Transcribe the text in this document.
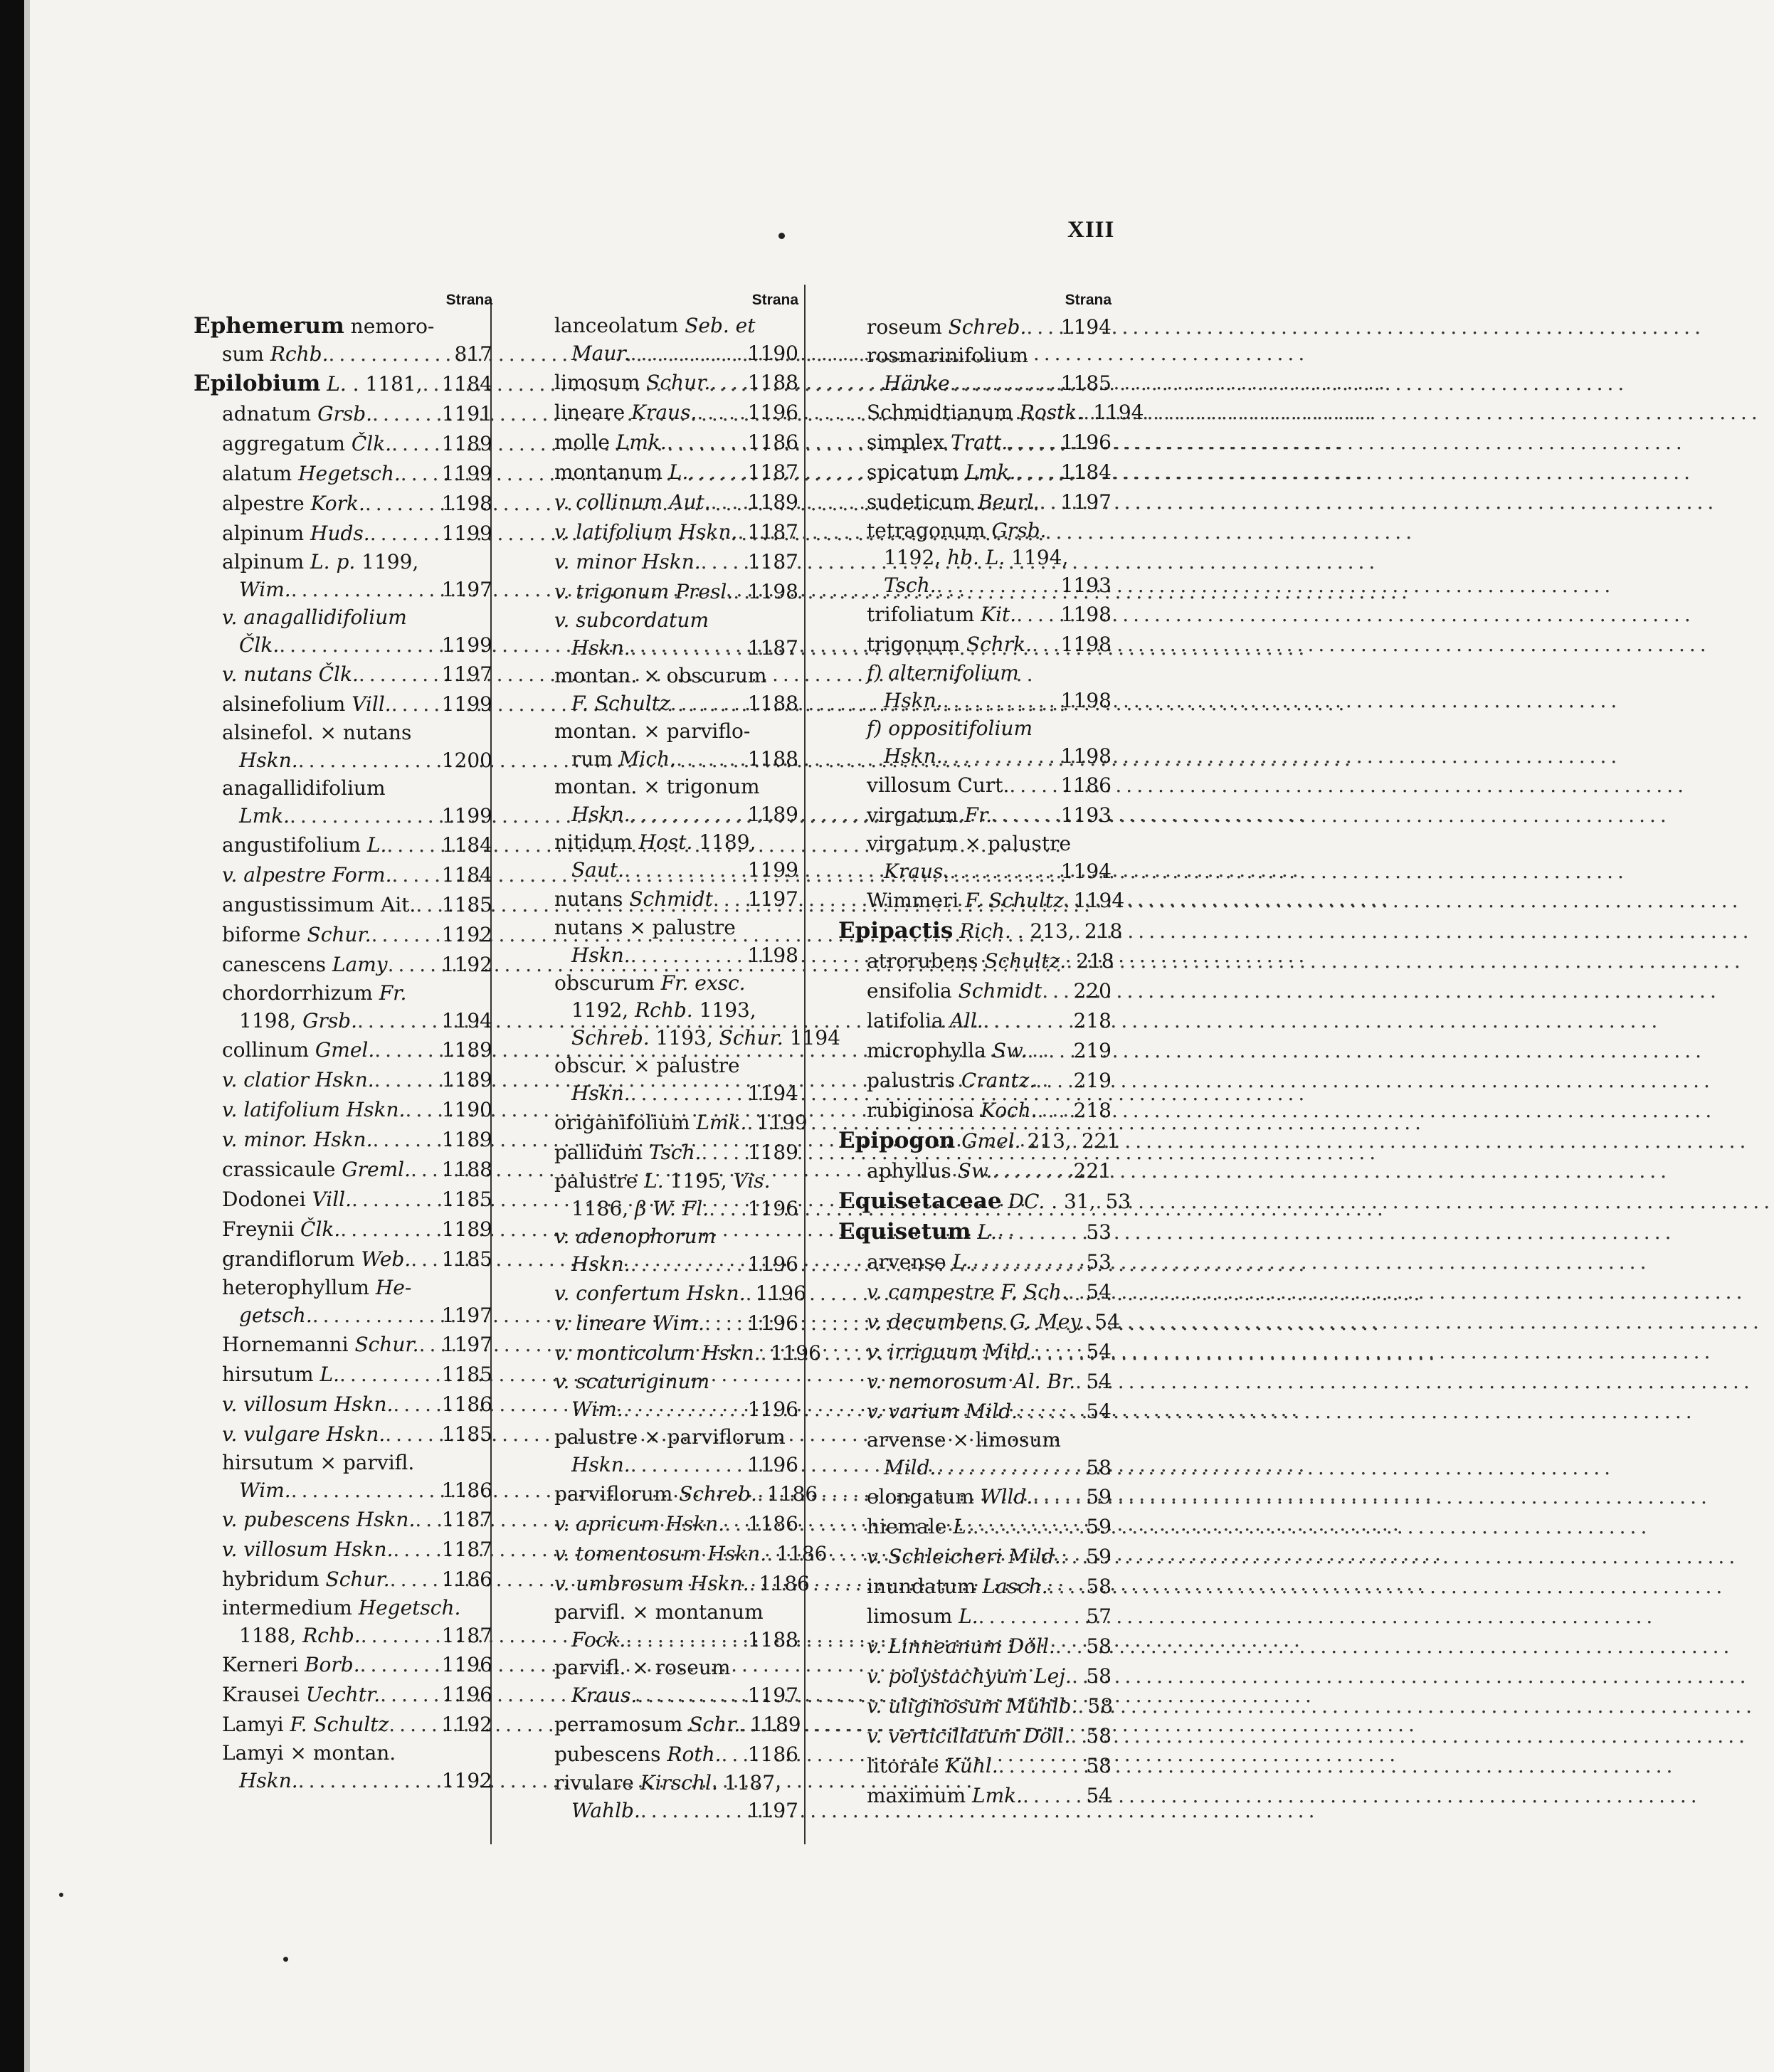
XIII
Strana
Ephemerum nemoro-
sum Rchb. .....	817
Epilobium L. . 1181, ..... 1184
adnatum Grsb. .....	1191
aggregatum Člk. .....	1189
alatum Hegetsch. ..... 1199
alpestre Kork. .....	1198
alpinum Huds. .....	1199
alpinum L. p. 1199,
Wim. .....	1197
v. anagallidifolium
Člk. .....	1199
v. nutans Člk. .....	1197
alsinefolium Vill. .....	1199
alsinefol. × nutans
Hskn. .....	1200
anagallidifolium
Lmk. .....	1199
angustifolium L. .....	1184
v. alpestre Form. .....	1184
angustissimum Ait. ..... 1185
biforme Schur. .....	1192
canescens Lamy .....	1192
chordorrhizum Fr.
1198, Grsb. .....	1194
collinum Gmel. .....	1189
v. clatior Hskn. .....	1189
v. latifolium Hskn. ..... 1190
v. minor. Hskn. .....	1189
crassicaule Greml. ..... 1188
Dodonei Vill. .....	1185
Freynii Člk. .....	1189
grandiflorum Web. ..... 1185
heterophyllum He-
getsch. .....	1197
Hornemanni Schur. ..... 1197
hirsutum L. .....	1185
v. villosum Hskn. ..... 1186
v. vulgare Hskn. .....	1185
hirsutum × parvifl.
Wim. .....	1186
v. pubescens Hskn. ..... 1187
v. villosum Hskn. ..... 1187
hybridum Schur. .....	1186
intermedium Hegetsch.
1188, Rchb. .....	1187
Kerneri Borb. .....	1196
Krausei Uechtr. .....	1196
Lamyi F. Schultz .....	1192
Lamyi × montan.
Hskn. .....	1192
Strana
lanceolatum Seb. et
Maur. .....	1190
limosum Schur. ..... 1188
lineare Kraus. .....	1196
molle Lmk. .....	1186
montanum L. .....	1187
v. collinum Aut. ..... 1189
v. latifolium Hskn. ..... 1187
v. minor Hskn. ..... 1187
v. trigonum Presl. ..... 1198
v. subcordatum
Hskn. .....	1187
montan. × obscurum
F. Schultz .....	1188
montan. × parviflo-
rum Mich. .....	1188
montan. × trigonum
Hskn. .....	1189
nitidum Host. 1189,
Saut. .....	1199
nutans Schmidt ..... 1197
nutans × palustre
Hskn. .....	1198
obscurum Fr. exsc.
1192, Rchb. 1193,
Schreb. 1193, Schur. 1194
obscur. × palustre
Hskn. .....	1194
origanifolium Lmk. ..... 1199
pallidum Tsch. ..... 1189
palustre L. 1195, Vis.
1186, β W. Fl. ..... 1196
v. adenophorum
Hskn. .....	1196
v. confertum Hskn. ..... 1196
v. lineare Wim. ..... 1196
v. monticolum Hskn. ..... 1196
v. scaturiginum
Wim. .....	1196
palustre × parviflorum
Hskn. .....	1196
parviflorum Schreb. ..... 1186
v. apricum Hskn. ..... 1186
v. tomentosum Hskn. ..... 1186
v. umbrosum Hskn. ..... 1186
parvifl. × montanum
Fock. .....	1188
parvifl. × roseum
Kraus. .....	1197
perramosum Schr. ..... 1189
pubescens Roth. ..... 1186
rivulare Kirschl. 1187,
Wahlb. .....	1197
Strana
roseum Schreb. ..... 1194
rosmarinifolium
Hänke .....	1185
Schmidtianum Rostk. ..... 1194
simplex Tratt. .....	1196
spicatum Lmk. ..... 1184
sudeticum Beurl. ..... 1197
tetragonum Grsb.
1192, hb. L. 1194,
Tsch. .....	1193
trifoliatum Kit. ..... 1198
trigonum Schrk. ..... 1198
f) alternifolium
Hskn. .....	1198
f) oppositifolium
Hskn. .....	1198
villosum Curt. .....	1186
virgatum Fr. .....	1193
virgatum × palustre
Kraus. .....	1194
Wimmeri F. Schultz ..... 1194
Epipactis Rich. . 213, ..... 218
atrorubens Schultz. ..... 218
ensifolia Schmidt ..... 220
latifolia All. .....	218
microphylla Sw. ..... 219
palustris Crantz. ..... 219
rubiginosa Koch. ..... 218
Epipogon Gmel. 213, ..... 221
aphyllus Sw. .....	221
Equisetaceae DC. . 31, ..... 53
Equisetum L. .....	53
arvense L. .....	53
v. campestre F. Sch. ..... 54
v. decumbens G. Mey. ..... 54
v. irriguum Mild. .....	54
v. nemorosum Al. Br. ..... 54
v. varium Mild. .....	54
arvense × limosum
Mild. .....	58
elongatum Wlld. .....	59
hiemale L. .....	59
v. Schleicheri Mild. ..... 59
inundatum Lasch. ..... 58
limosum L. .....	57
v. Linneanum Döll. ..... 58
v. polystachyum Lej. ..... 58
v. uliginosum Mühlb. ..... 58
v. verticillatum Döll. ..... 58
litorale Kühl. .....	58
maximum Lmk. .....	54
